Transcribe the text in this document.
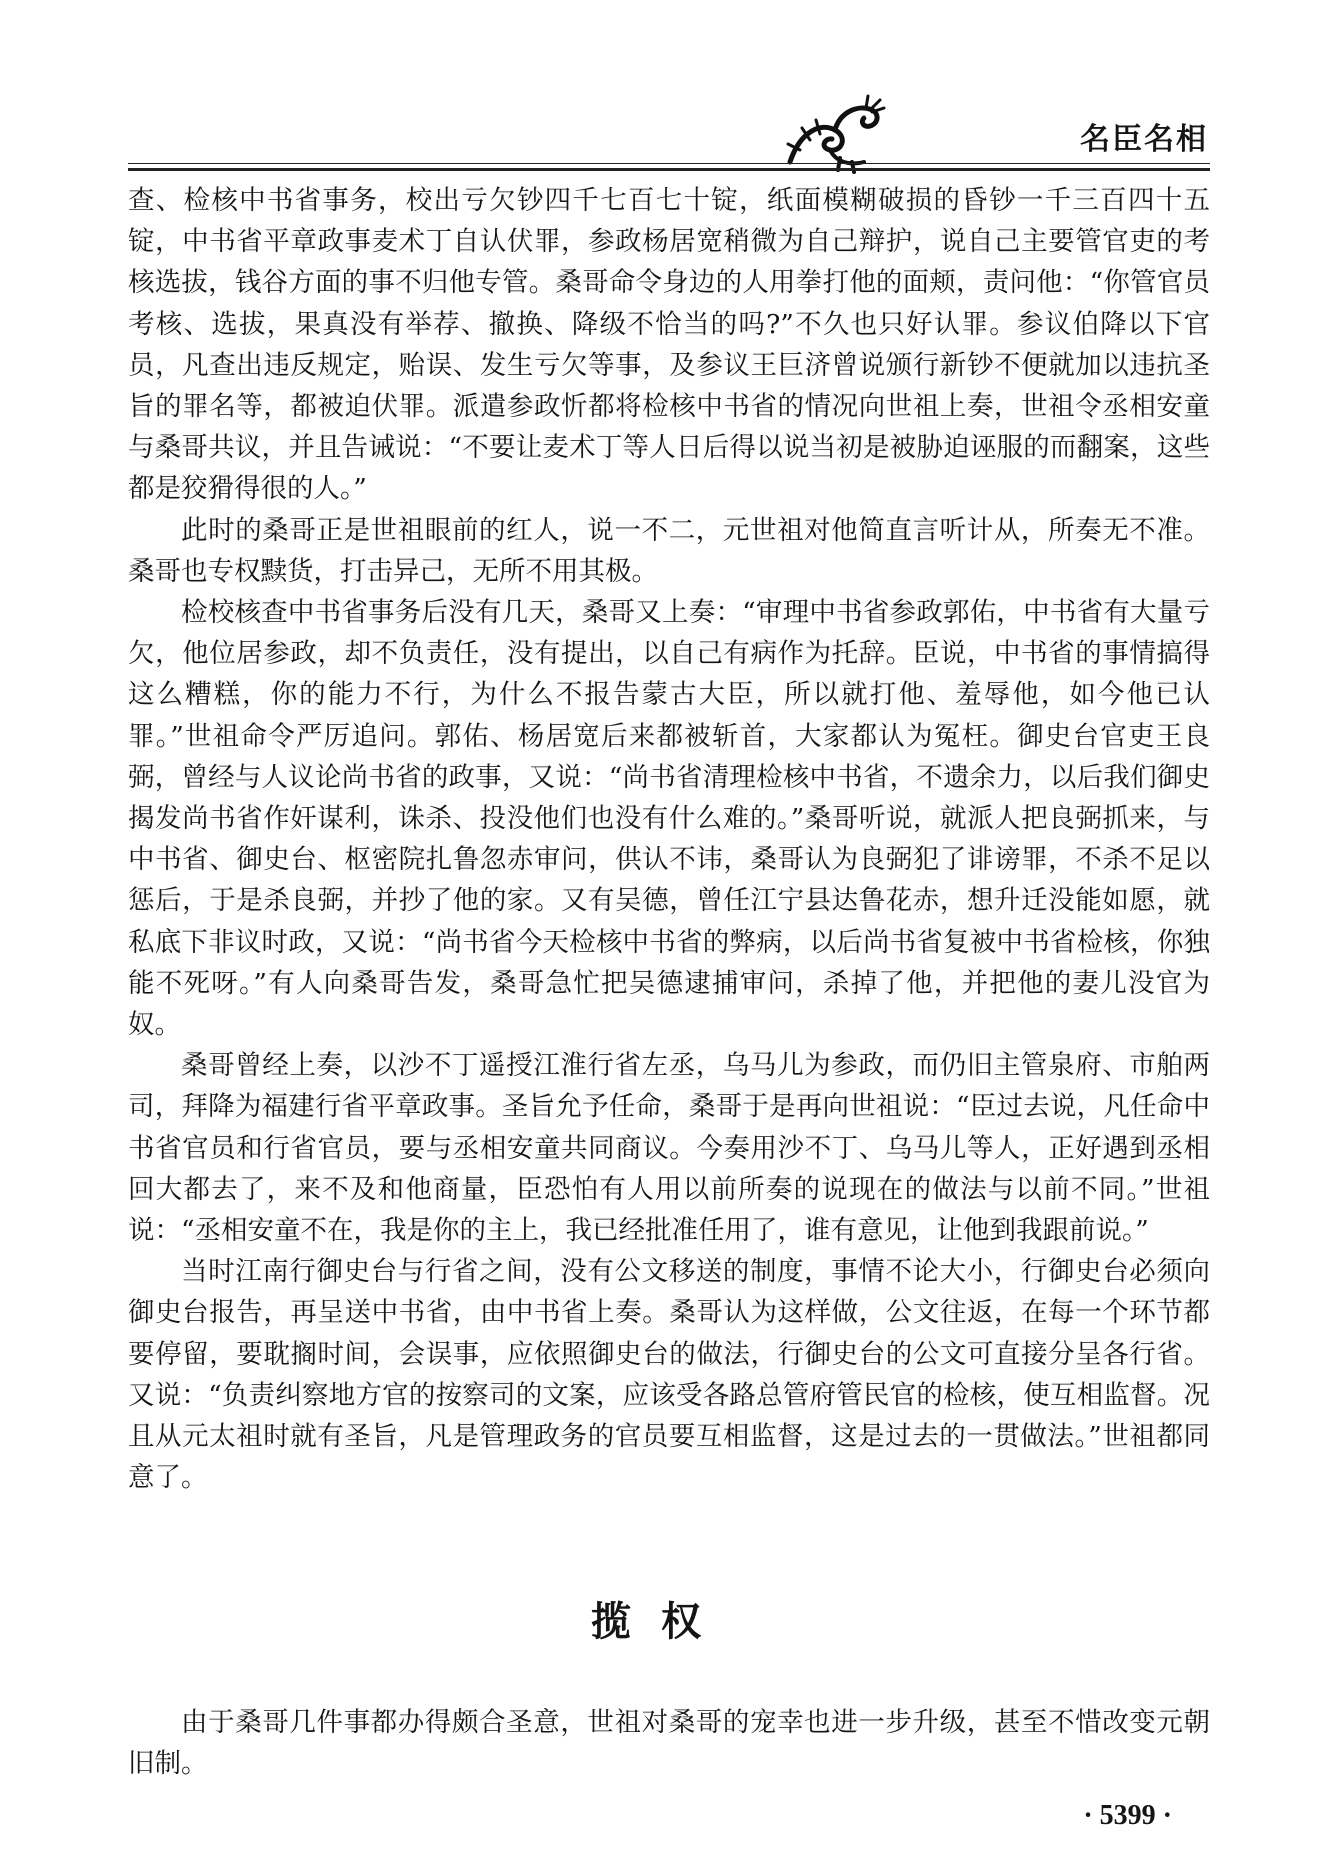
名臣名相

查、检核中书省事务，校出亏欠钞四千七百七十锭，纸面模糊破损的昏钞一千三百四十五锭，中书省平章政事麦术丁自认伏罪，参政杨居宽稍微为自己辩护，说自己主要管官吏的考核选拔，钱谷方面的事不归他专管。桑哥命令身边的人用拳打他的面颊，责问他：“你管官员考核、选拔，果真没有举荐、撤换、降级不恰当的吗?”不久也只好认罪。参议伯降以下官员，凡查出违反规定，贻误、发生亏欠等事，及参议王巨济曾说颁行新钞不便就加以违抗圣旨的罪名等，都被迫伏罪。派遣参政忻都将检核中书省的情况向世祖上奏，世祖令丞相安童与桑哥共议，并且告诫说：“不要让麦术丁等人日后得以说当初是被胁迫诬服的而翻案，这些都是狡猾得很的人。”

此时的桑哥正是世祖眼前的红人，说一不二，元世祖对他简直言听计从，所奏无不准。桑哥也专权黩货，打击异己，无所不用其极。

检校核查中书省事务后没有几天，桑哥又上奏：“审理中书省参政郭佑，中书省有大量亏欠，他位居参政，却不负责任，没有提出，以自己有病作为托辞。臣说，中书省的事情搞得这么糟糕，你的能力不行，为什么不报告蒙古大臣，所以就打他、羞辱他，如今他已认罪。”世祖命令严厉追问。郭佑、杨居宽后来都被斩首，大家都认为冤枉。御史台官吏王良弼，曾经与人议论尚书省的政事，又说：“尚书省清理检核中书省，不遗余力，以后我们御史揭发尚书省作奸谋利，诛杀、投没他们也没有什么难的。”桑哥听说，就派人把良弼抓来，与中书省、御史台、枢密院扎鲁忽赤审问，供认不讳，桑哥认为良弼犯了诽谤罪，不杀不足以惩后，于是杀良弼，并抄了他的家。又有吴德，曾任江宁县达鲁花赤，想升迁没能如愿，就私底下非议时政，又说：“尚书省今天检核中书省的弊病，以后尚书省复被中书省检核，你独能不死呀。”有人向桑哥告发，桑哥急忙把吴德逮捕审问，杀掉了他，并把他的妻儿没官为奴。

桑哥曾经上奏，以沙不丁遥授江淮行省左丞，乌马儿为参政，而仍旧主管泉府、市舶两司，拜降为福建行省平章政事。圣旨允予任命，桑哥于是再向世祖说：“臣过去说，凡任命中书省官员和行省官员，要与丞相安童共同商议。今奏用沙不丁、乌马儿等人，正好遇到丞相回大都去了，来不及和他商量，臣恐怕有人用以前所奏的说现在的做法与以前不同。”世祖说：“丞相安童不在，我是你的主上，我已经批准任用了，谁有意见，让他到我跟前说。”

当时江南行御史台与行省之间，没有公文移送的制度，事情不论大小，行御史台必须向御史台报告，再呈送中书省，由中书省上奏。桑哥认为这样做，公文往返，在每一个环节都要停留，要耽搁时间，会误事，应依照御史台的做法，行御史台的公文可直接分呈各行省。又说：“负责纠察地方官的按察司的文案，应该受各路总管府管民官的检核，使互相监督。况且从元太祖时就有圣旨，凡是管理政务的官员要互相监督，这是过去的一贯做法。”世祖都同意了。

揽权

由于桑哥几件事都办得颇合圣意，世祖对桑哥的宠幸也进一步升级，甚至不惜改变元朝旧制。

· 5399 ·
